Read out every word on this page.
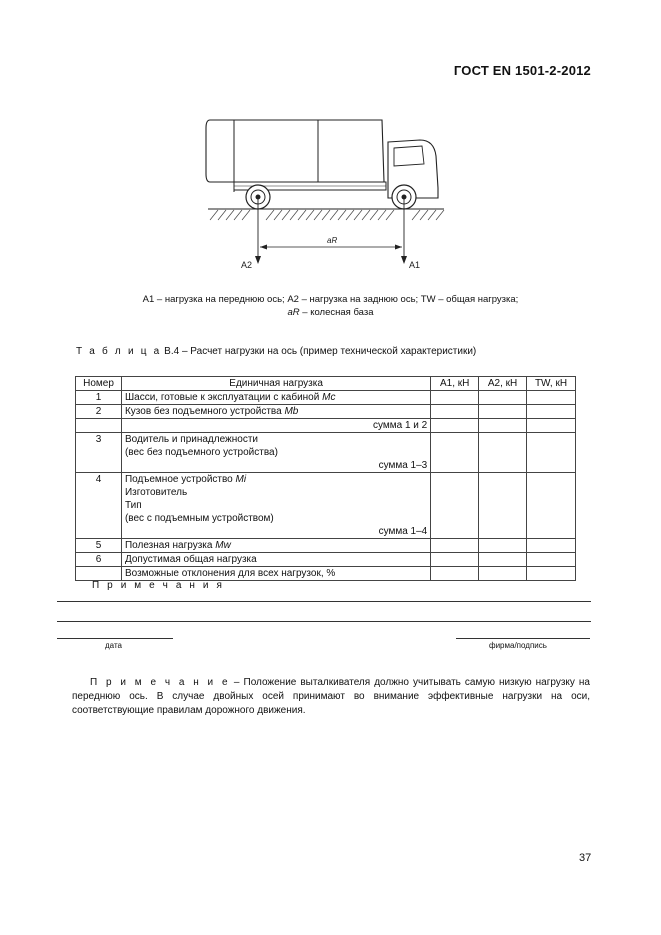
ГОСТ EN 1501-2-2012
aR
A2	A1
A1 – нагрузка на переднюю ось; A2 – нагрузка на заднюю ось; TW – общая нагрузка;
aR – колесная база
Т а б л и ц а В.4 – Расчет нагрузки на ось (пример технической характеристики)
Номер	Единичная нагрузка	A1, кН	A2, кН	TW, кН
1	Шасси, готовые к эксплуатации с кабиной Mc			
2	Кузов без подъемного устройства Mb			
	сумма 1 и 2			
3	Водитель и принадлежности
(вес без подъемного устройства)
сумма 1–3			

4	Подъемное устройство Mi
Изготовитель
Тип
(вес с подъемным устройством)
сумма 1–4			

5	Полезная нагрузка Mw			
6	Допустимая общая нагрузка			
	Возможные отклонения для всех нагрузок, %			
П р и м е ч а н и я
дата	фирма/подпись
П р и м е ч а н и е – Положение выталкивателя должно учитывать самую низкую нагрузку на переднюю ось. В случае двойных осей принимают во внимание эффективные нагрузки на оси, соответствующие правилам дорожного движения.
37
